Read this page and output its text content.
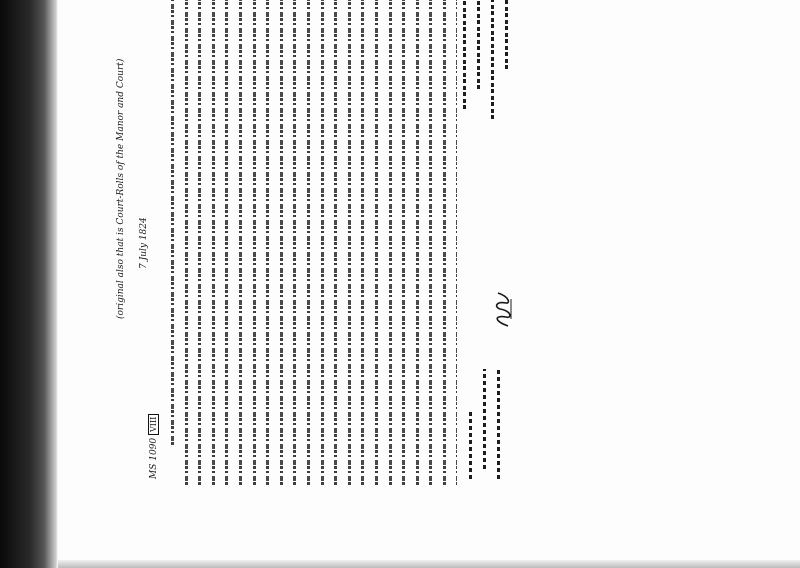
(original also that is Court-Rolls of the Manor and Court) 7 July 1824
MS 1090 VIII
